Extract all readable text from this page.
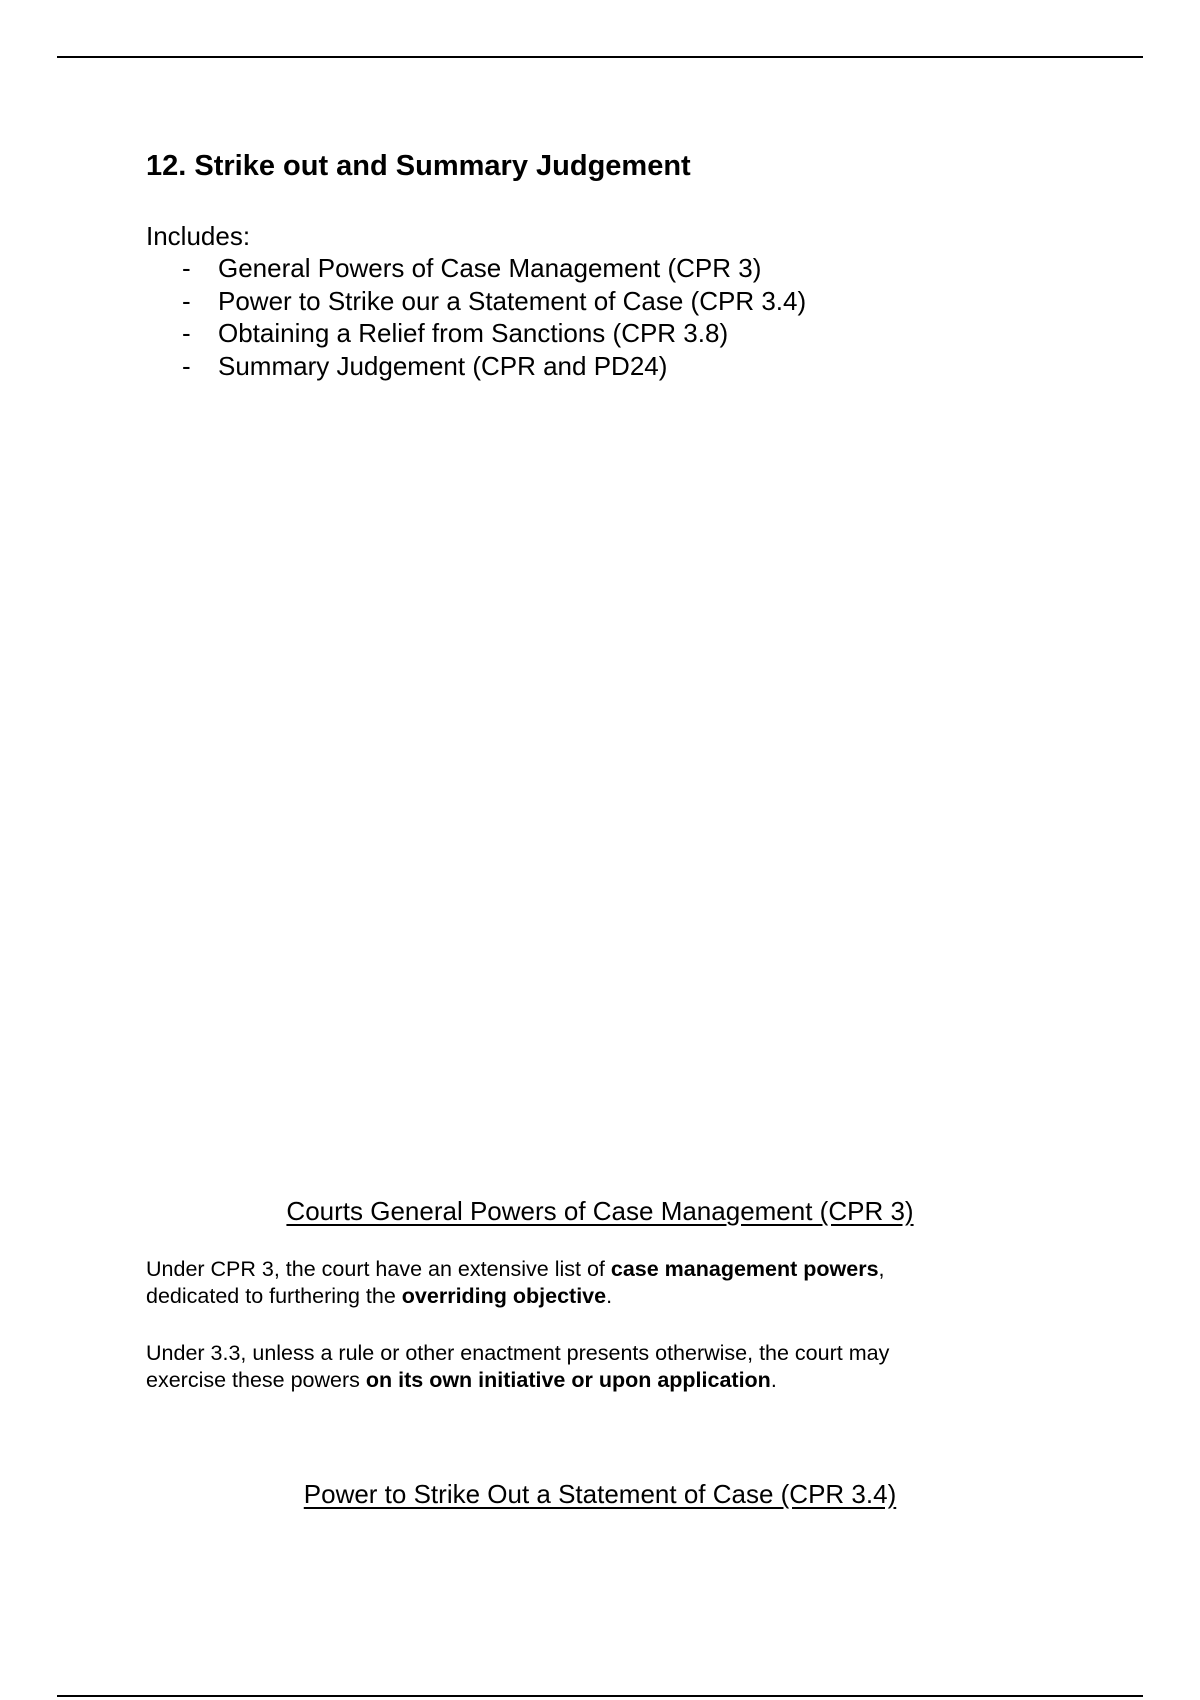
12. Strike out and Summary Judgement
Includes:
- General Powers of Case Management (CPR 3)
- Power to Strike our a Statement of Case (CPR 3.4)
- Obtaining a Relief from Sanctions (CPR 3.8)
- Summary Judgement (CPR and PD24)
Courts General Powers of Case Management (CPR 3)

Under CPR 3, the court have an extensive list of case management powers,
dedicated to furthering the overriding objective.

Under 3.3, unless a rule or other enactment presents otherwise, the court may
exercise these powers on its own initiative or upon application.

Power to Strike Out a Statement of Case (CPR 3.4)
